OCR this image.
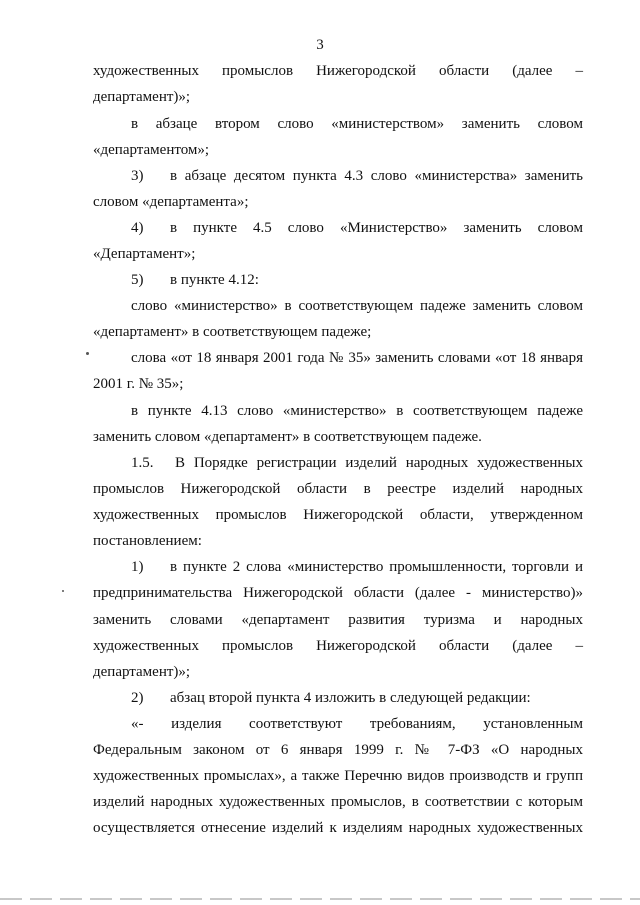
3
художественных промыслов Нижегородской области (далее –
департамент)»;
в абзаце втором слово «министерством» заменить словом
«департаментом»;
3) в абзаце десятом пункта 4.3 слово «министерства» заменить
словом «департамента»;
4) в пункте 4.5 слово «Министерство» заменить словом
«Департамент»;
5) в пункте 4.12:
слово «министерство» в соответствующем падеже заменить словом
«департамент» в соответствующем падеже;
слова «от 18 января 2001 года № 35» заменить словами «от 18 января
2001 г. № 35»;
в пункте 4.13 слово «министерство» в соответствующем падеже
заменить словом «департамент» в соответствующем падеже.
1.5. В Порядке регистрации изделий народных художественных
промыслов Нижегородской области в реестре изделий народных
художественных промыслов Нижегородской области, утвержденном
постановлением:
1) в пункте 2 слова «министерство промышленности, торговли и
предпринимательства Нижегородской области (далее - министерство)»
заменить словами «департамент развития туризма и народных
художественных промыслов Нижегородской области (далее –
департамент)»;
2) абзац второй пункта 4 изложить в следующей редакции:
«- изделия соответствуют требованиям, установленным
Федеральным законом от 6 января 1999 г. № 7-ФЗ «О народных
художественных промыслах», а также Перечню видов производств и групп
изделий народных художественных промыслов, в соответствии с которым
осуществляется отнесение изделий к изделиям народных художественных
